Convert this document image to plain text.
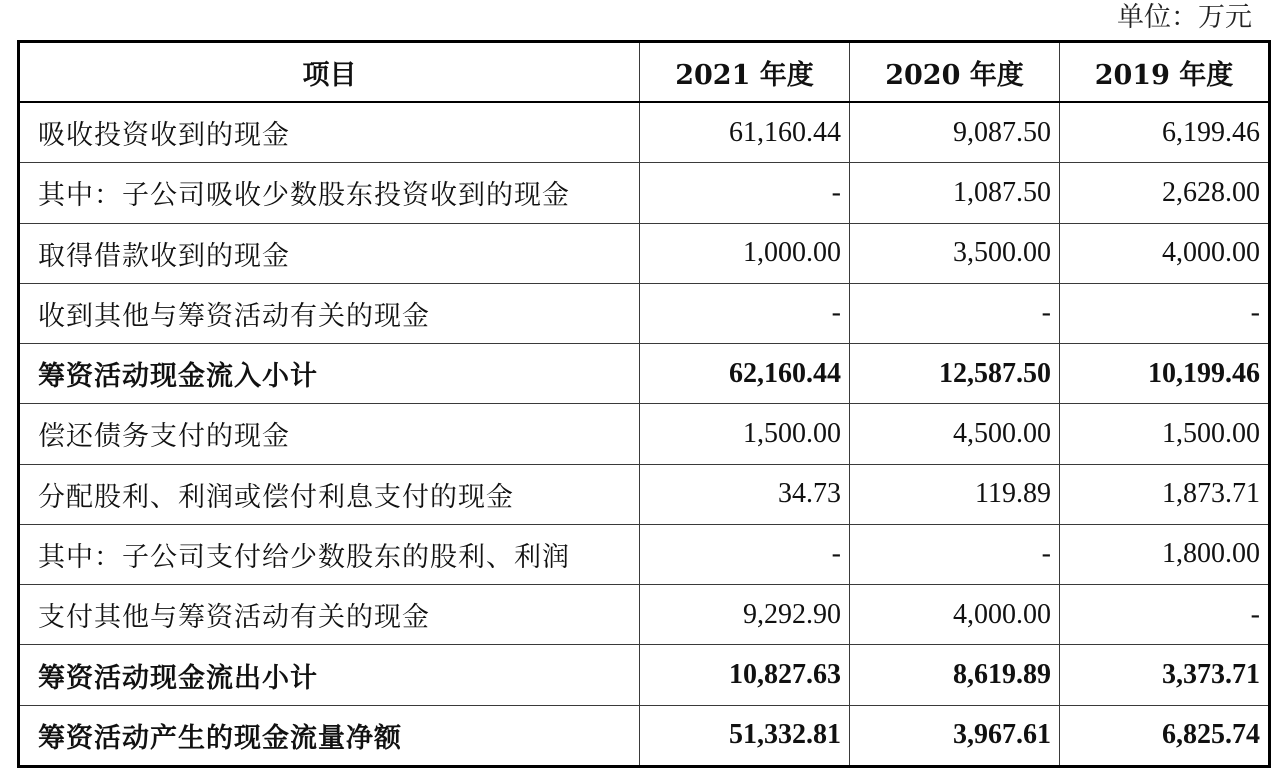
单位：万元
项目	2021 年度	2020 年度	2019 年度
吸收投资收到的现金	61,160.44	9,087.50	6,199.46
其中：子公司吸收少数股东投资收到的现金	-	1,087.50	2,628.00
取得借款收到的现金	1,000.00	3,500.00	4,000.00
收到其他与筹资活动有关的现金	-	-	-
筹资活动现金流入小计	62,160.44	12,587.50	10,199.46
偿还债务支付的现金	1,500.00	4,500.00	1,500.00
分配股利、利润或偿付利息支付的现金	34.73	119.89	1,873.71
其中：子公司支付给少数股东的股利、利润	-	-	1,800.00
支付其他与筹资活动有关的现金	9,292.90	4,000.00	-
筹资活动现金流出小计	10,827.63	8,619.89	3,373.71
筹资活动产生的现金流量净额	51,332.81	3,967.61	6,825.74
